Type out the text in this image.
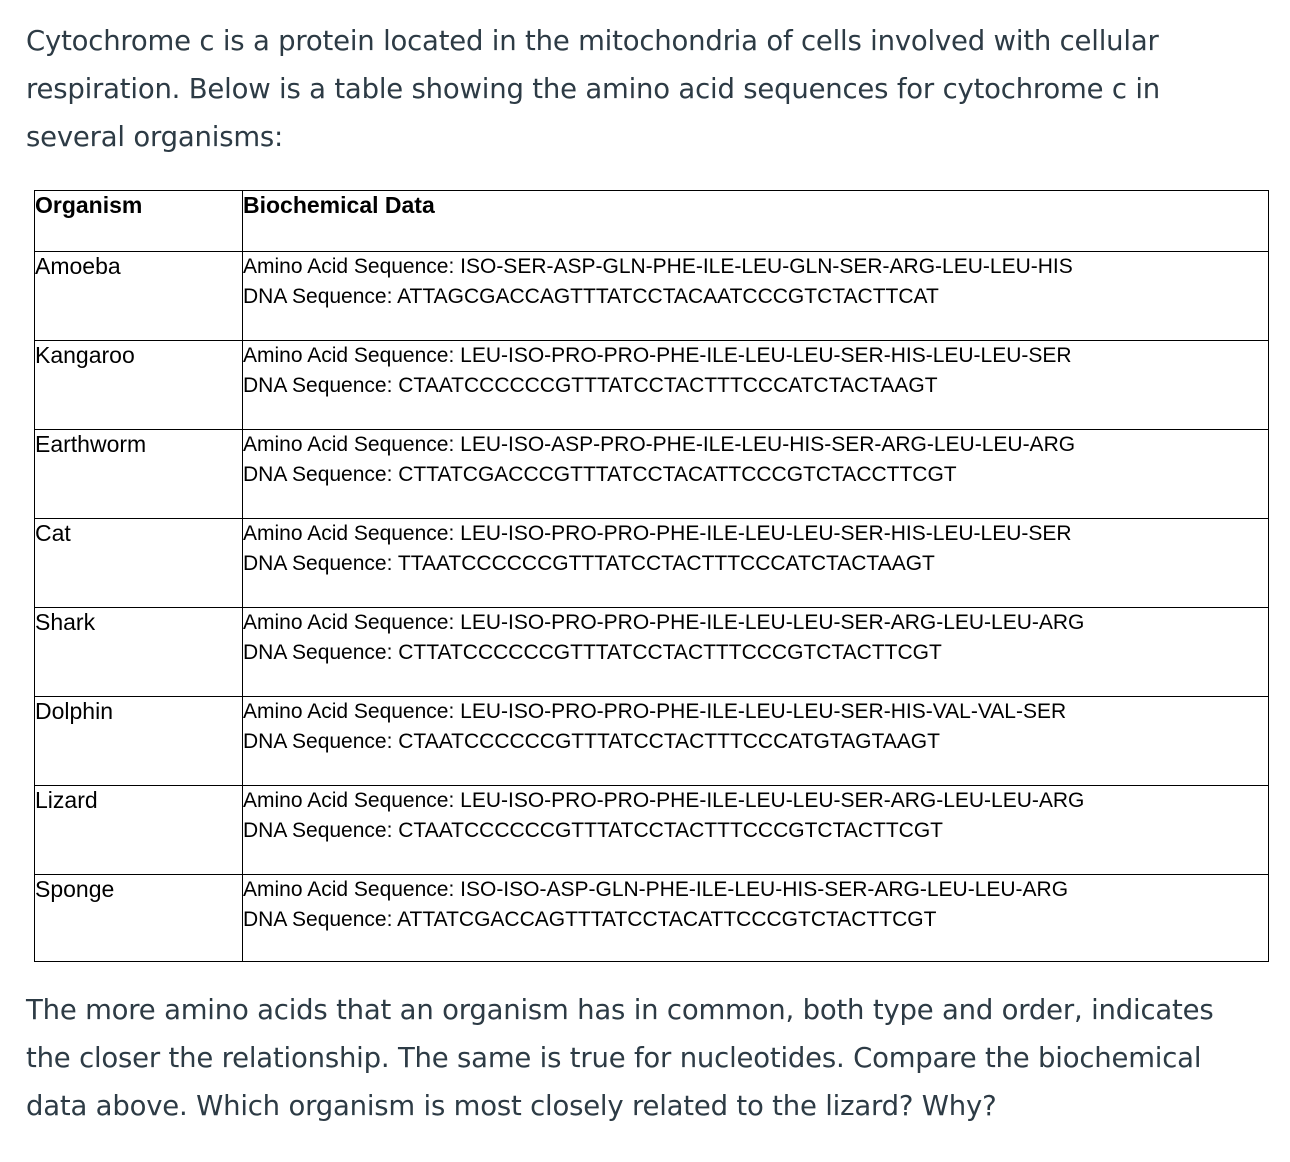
Cytochrome c is a protein located in the mitochondria of cells involved with cellular respiration. Below is a table showing the amino acid sequences for cytochrome c in several organisms:

Organism	Biochemical Data
Amoeba	Amino Acid Sequence: ISO-SER-ASP-GLN-PHE-ILE-LEU-GLN-SER-ARG-LEU-LEU-HIS
DNA Sequence: ATTAGCGACCAGTTTATCCTACAATCCCGTCTACTTCAT

Kangaroo	Amino Acid Sequence: LEU-ISO-PRO-PRO-PHE-ILE-LEU-LEU-SER-HIS-LEU-LEU-SER
DNA Sequence: CTAATCCCCCCGTTTATCCTACTTTCCCATCTACTAAGT

Earthworm	Amino Acid Sequence: LEU-ISO-ASP-PRO-PHE-ILE-LEU-HIS-SER-ARG-LEU-LEU-ARG
DNA Sequence: CTTATCGACCCGTTTATCCTACATTCCCGTCTACCTTCGT

Cat	Amino Acid Sequence: LEU-ISO-PRO-PRO-PHE-ILE-LEU-LEU-SER-HIS-LEU-LEU-SER
DNA Sequence: TTAATCCCCCCGTTTATCCTACTTTCCCATCTACTAAGT

Shark	Amino Acid Sequence: LEU-ISO-PRO-PRO-PHE-ILE-LEU-LEU-SER-ARG-LEU-LEU-ARG
DNA Sequence: CTTATCCCCCCGTTTATCCTACTTTCCCGTCTACTTCGT

Dolphin	Amino Acid Sequence: LEU-ISO-PRO-PRO-PHE-ILE-LEU-LEU-SER-HIS-VAL-VAL-SER
DNA Sequence: CTAATCCCCCCGTTTATCCTACTTTCCCATGTAGTAAGT

Lizard	Amino Acid Sequence: LEU-ISO-PRO-PRO-PHE-ILE-LEU-LEU-SER-ARG-LEU-LEU-ARG
DNA Sequence: CTAATCCCCCCGTTTATCCTACTTTCCCGTCTACTTCGT

Sponge	Amino Acid Sequence: ISO-ISO-ASP-GLN-PHE-ILE-LEU-HIS-SER-ARG-LEU-LEU-ARG
DNA Sequence: ATTATCGACCAGTTTATCCTACATTCCCGTCTACTTCGT

The more amino acids that an organism has in common, both type and order, indicates the closer the relationship. The same is true for nucleotides. Compare the biochemical data above. Which organism is most closely related to the lizard? Why?
